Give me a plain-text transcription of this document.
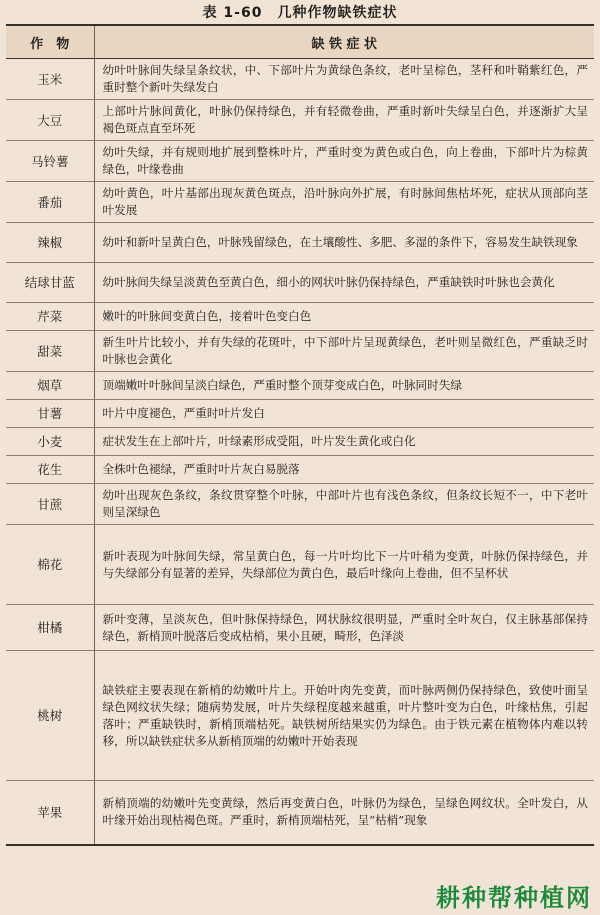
表 1-60　几种作物缺铁症状
作　物	缺 铁 症 状
玉米	幼叶叶脉间失绿呈条纹状，中、下部叶片为黄绿色条纹，老叶呈棕色，茎秆和叶鞘紫红色，严重时整个新叶失绿发白
大豆	上部叶片脉间黄化，叶脉仍保持绿色，并有轻微卷曲，严重时新叶失绿呈白色，并逐渐扩大呈褐色斑点直至坏死
马铃薯	幼叶失绿，并有规则地扩展到整株叶片，严重时变为黄色或白色，向上卷曲，下部叶片为棕黄绿色，叶缘卷曲
番茄	幼叶黄色，叶片基部出现灰黄色斑点，沿叶脉向外扩展，有时脉间焦枯坏死，症状从顶部向茎叶发展
辣椒	幼叶和新叶呈黄白色，叶脉残留绿色，在土壤酸性、多肥、多湿的条件下，容易发生缺铁现象
结球甘蓝	幼叶脉间失绿呈淡黄色至黄白色，细小的网状叶脉仍保持绿色，严重缺铁时叶脉也会黄化
芹菜	嫩叶的叶脉间变黄白色，接着叶色变白色
甜菜	新生叶片比较小，并有失绿的花斑叶，中下部叶片呈现黄绿色，老叶则呈微红色，严重缺乏时叶脉也会黄化
烟草	顶端嫩叶叶脉间呈淡白绿色，严重时整个顶芽变成白色，叶脉同时失绿
甘薯	叶片中度褪色，严重时叶片发白
小麦	症状发生在上部叶片，叶绿素形成受阻，叶片发生黄化或白化
花生	全株叶色褪绿，严重时叶片灰白易脱落
甘蔗	幼叶出现灰色条纹，条纹贯穿整个叶脉，中部叶片也有浅色条纹，但条纹长短不一，中下老叶则呈深绿色
棉花	新叶表现为叶脉间失绿，常呈黄白色，每一片叶均比下一片叶稍为变黄，叶脉仍保持绿色，并与失绿部分有显著的差异，失绿部位为黄白色，最后叶缘向上卷曲，但不呈杯状
柑橘	新叶变薄，呈淡灰色，但叶脉保持绿色，网状脉纹很明显，严重时全叶灰白，仅主脉基部保持绿色，新梢顶叶脱落后变成枯梢，果小且硬，畸形，色泽淡
桃树	缺铁症主要表现在新梢的幼嫩叶片上。开始叶肉先变黄，而叶脉两侧仍保持绿色，致使叶面呈绿色网纹状失绿；随病势发展，叶片失绿程度越来越重，叶片整叶变为白色，叶缘枯焦，引起落叶；严重缺铁时，新梢顶端枯死。缺铁树所结果实仍为绿色。由于铁元素在植物体内难以转移，所以缺铁症状多从新梢顶端的幼嫩叶开始表现
苹果	新梢顶端的幼嫩叶先变黄绿，然后再变黄白色，叶脉仍为绿色，呈绿色网纹状。全叶发白，从叶缘开始出现枯褐色斑。严重时，新梢顶端枯死，呈“枯梢”现象
耕种帮种植网
